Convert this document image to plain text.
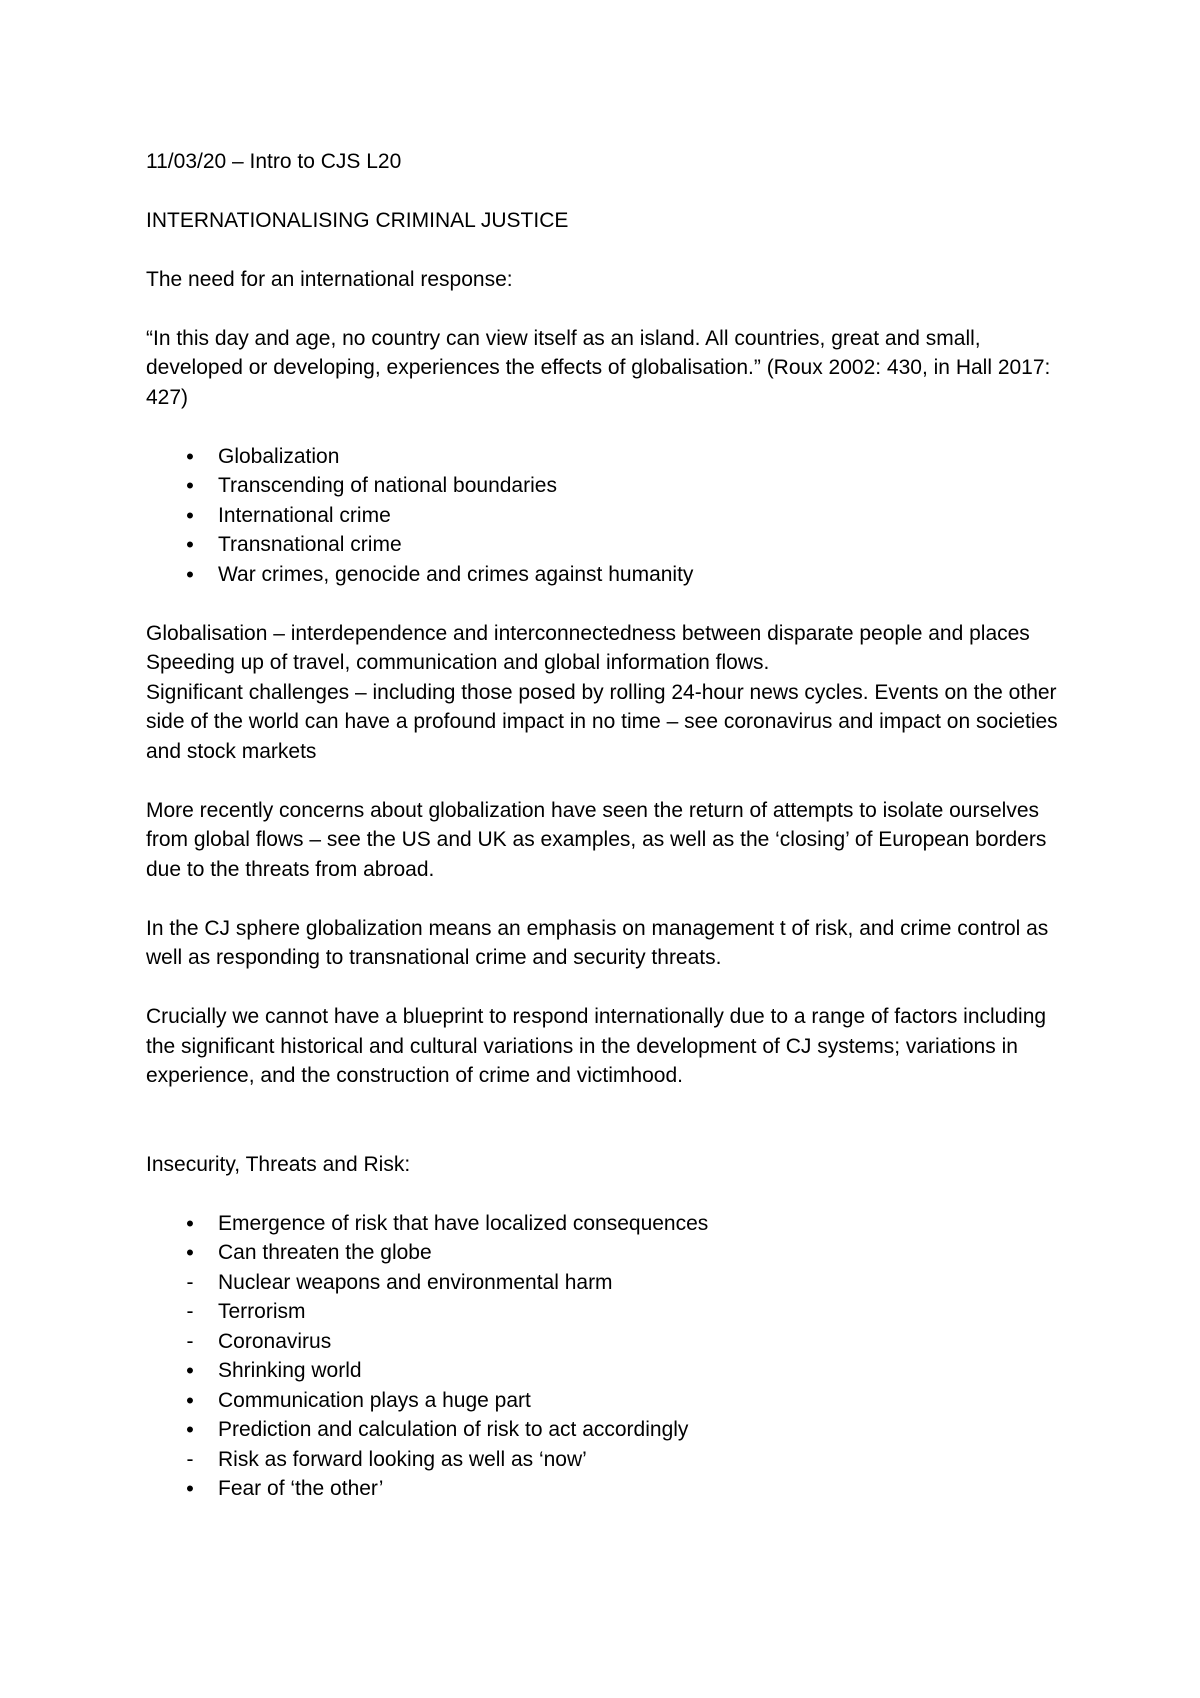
11/03/20 – Intro to CJS L20

INTERNATIONALISING CRIMINAL JUSTICE

The need for an international response:

“In this day and age, no country can view itself as an island. All countries, great and small, developed or developing, experiences the effects of globalisation.” (Roux 2002: 430, in Hall 2017: 427)

•
Globalization
•
Transcending of national boundaries
•
International crime
•
Transnational crime
•
War crimes, genocide and crimes against humanity
Globalisation – interdependence and interconnectedness between disparate people and places
Speeding up of travel, communication and global information flows.
Significant challenges – including those posed by rolling 24-hour news cycles. Events on the other side of the world can have a profound impact in no time – see coronavirus and impact on societies and stock markets

More recently concerns about globalization have seen the return of attempts to isolate ourselves from global flows – see the US and UK as examples, as well as the ‘closing’ of European borders due to the threats from abroad.

In the CJ sphere globalization means an emphasis on management t of risk, and crime control as well as responding to transnational crime and security threats.

Crucially we cannot have a blueprint to respond internationally due to a range of factors including the significant historical and cultural variations in the development of CJ systems; variations in experience, and the construction of crime and victimhood.

Insecurity, Threats and Risk:

•
Emergence of risk that have localized consequences
•
Can threaten the globe
-
Nuclear weapons and environmental harm
-
Terrorism
-
Coronavirus
•
Shrinking world
•
Communication plays a huge part
•
Prediction and calculation of risk to act accordingly
-
Risk as forward looking as well as ‘now’
•
Fear of ‘the other’
